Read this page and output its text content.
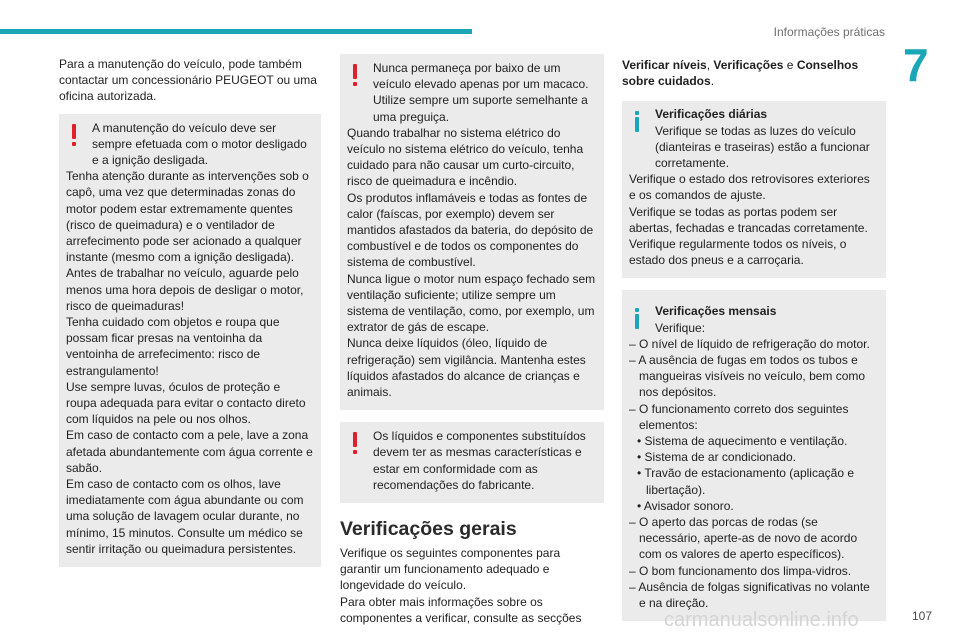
Informações práticas
7

Para a manutenção do veículo, pode também contactar um concessionário PEUGEOT ou uma oficina autorizada.

A manutenção do veículo deve ser sempre efetuada com o motor desligado e a ignição desligada.

Tenha atenção durante as intervenções sob o capô, uma vez que determinadas zonas do motor podem estar extremamente quentes (risco de queimadura) e o ventilador de arrefecimento pode ser acionado a qualquer instante (mesmo com a ignição desligada).

Antes de trabalhar no veículo, aguarde pelo menos uma hora depois de desligar o motor, risco de queimaduras!

Tenha cuidado com objetos e roupa que possam ficar presas na ventoinha da ventoinha de arrefecimento: risco de estrangulamento!

Use sempre luvas, óculos de proteção e roupa adequada para evitar o contacto direto com líquidos na pele ou nos olhos.

Em caso de contacto com a pele, lave a zona afetada abundantemente com água corrente e sabão.

Em caso de contacto com os olhos, lave imediatamente com água abundante ou com uma solução de lavagem ocular durante, no mínimo, 15 minutos. Consulte um médico se sentir irritação ou queimadura persistentes.

Nunca permaneça por baixo de um veículo elevado apenas por um macaco. Utilize sempre um suporte semelhante a uma preguiça.

Quando trabalhar no sistema elétrico do veículo no sistema elétrico do veículo, tenha cuidado para não causar um curto-circuito, risco de queimadura e incêndio.

Os produtos inflamáveis e todas as fontes de calor (faíscas, por exemplo) devem ser mantidos afastados da bateria, do depósito de combustível e de todos os componentes do sistema de combustível.

Nunca ligue o motor num espaço fechado sem ventilação suficiente; utilize sempre um sistema de ventilação, como, por exemplo, um extrator de gás de escape.

Nunca deixe líquidos (óleo, líquido de refrigeração) sem vigilância. Mantenha estes líquidos afastados do alcance de crianças e animais.

Os líquidos e componentes substituídos devem ter as mesmas características e estar em conformidade com as recomendações do fabricante.

Verificações gerais

Verifique os seguintes componentes para garantir um funcionamento adequado e longevidade do veículo.

Para obter mais informações sobre os componentes a verificar, consulte as secções

Verificar níveis, Verificações e Conselhos sobre cuidados.

Verificações diárias

Verifique se todas as luzes do veículo (dianteiras e traseiras) estão a funcionar corretamente.

Verifique o estado dos retrovisores exteriores e os comandos de ajuste.

Verifique se todas as portas podem ser abertas, fechadas e trancadas corretamente.

Verifique regularmente todos os níveis, o estado dos pneus e a carroçaria.

Verificações mensais

Verifique:

– O nível de líquido de refrigeração do motor.

– A ausência de fugas em todos os tubos e mangueiras visíveis no veículo, bem como nos depósitos.

– O funcionamento correto dos seguintes elementos:

• Sistema de aquecimento e ventilação.

• Sistema de ar condicionado.

• Travão de estacionamento (aplicação e libertação).

• Avisador sonoro.

– O aperto das porcas de rodas (se necessário, aperte-as de novo de acordo com os valores de aperto específicos).

– O bom funcionamento dos limpa-vidros.

– Ausência de folgas significativas no volante e na direção.

carmanualsonline.info	107
